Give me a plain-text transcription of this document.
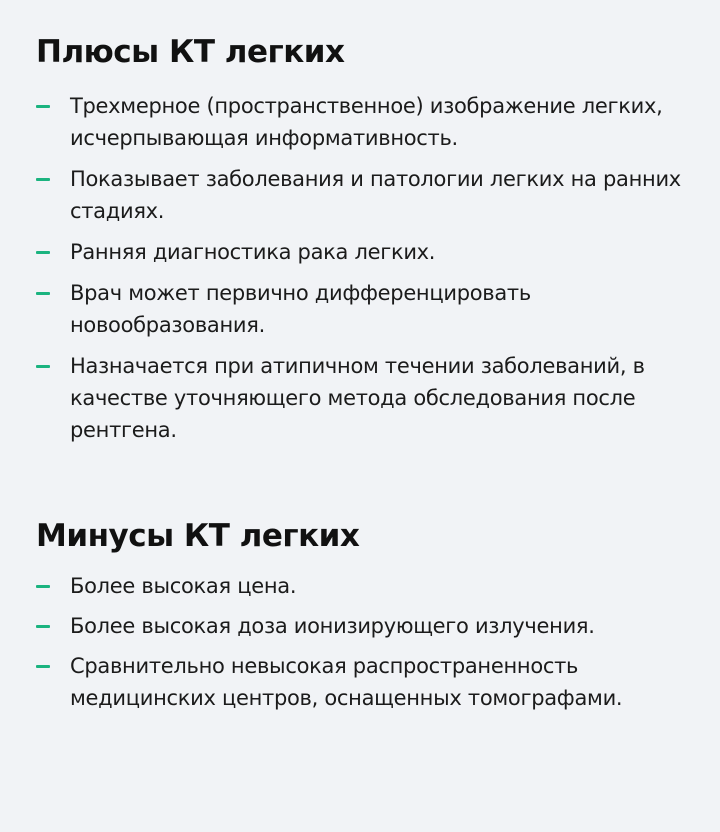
Плюсы КТ легких
Трехмерное (пространственное) изображение легких, исчерпывающая информативность.
Показывает заболевания и патологии легких на ранних стадиях.
Ранняя диагностика рака легких.
Врач может первично дифференцировать новообразования.
Назначается при атипичном течении заболеваний, в качестве уточняющего метода обследования после рентгена.
Минусы КТ легких
Более высокая цена.
Более высокая доза ионизирующего излучения.
Сравнительно невысокая распространенность медицинских центров, оснащенных томографами.
